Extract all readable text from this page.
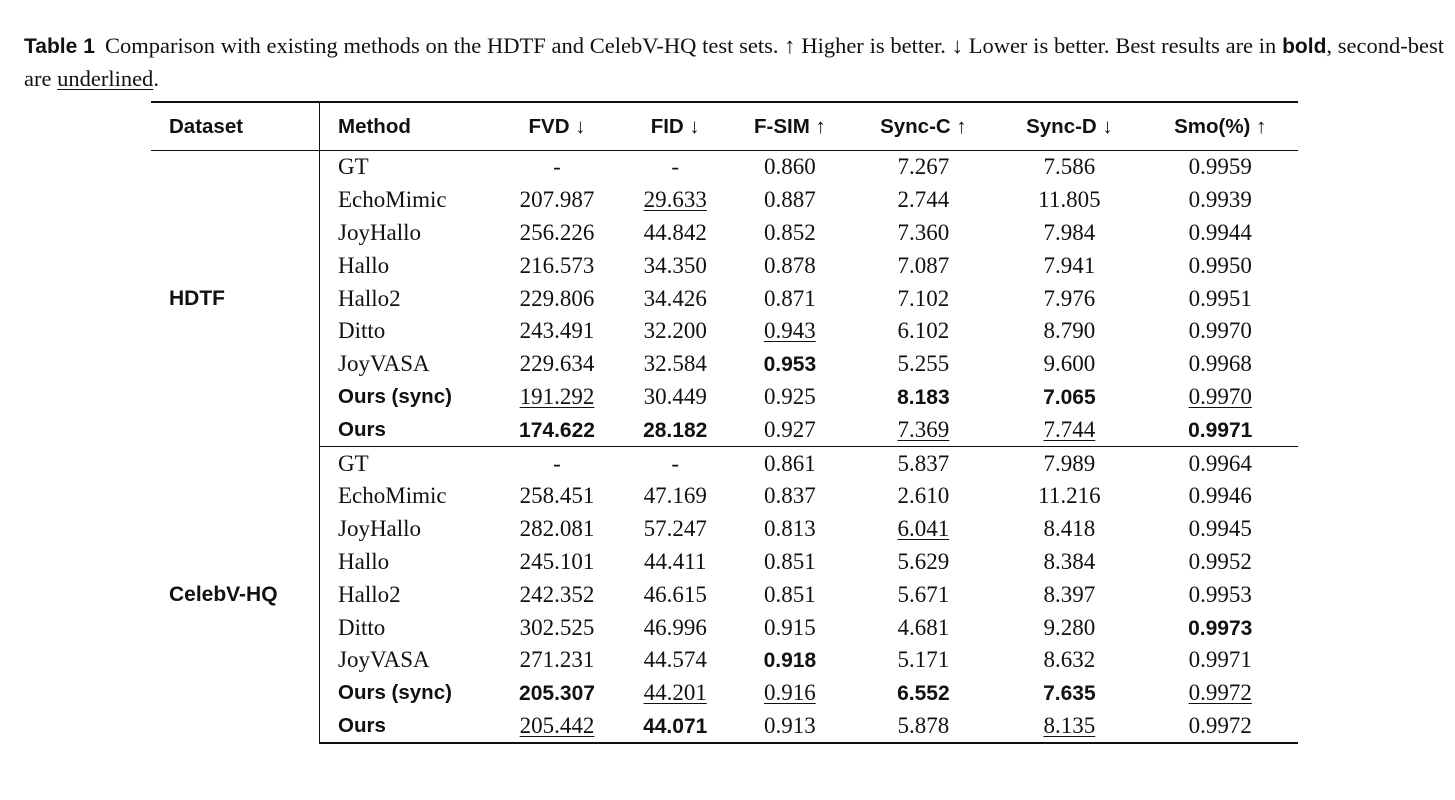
Table 1 Comparison with existing methods on the HDTF and CelebV-HQ test sets. ↑ Higher is better. ↓ Lower is better. Best results are in bold, second-best are underlined.
Dataset	Method	FVD ↓	FID ↓	F-SIM ↑	Sync-C ↑	Sync-D ↓	Smo(%) ↑
HDTF	GT	-	-	0.860	7.267	7.586	0.9959
	EchoMimic	207.987	29.633	0.887	2.744	11.805	0.9939
	JoyHallo	256.226	44.842	0.852	7.360	7.984	0.9944
	Hallo	216.573	34.350	0.878	7.087	7.941	0.9950
	Hallo2	229.806	34.426	0.871	7.102	7.976	0.9951
	Ditto	243.491	32.200	0.943	6.102	8.790	0.9970
	JoyVASA	229.634	32.584	0.953	5.255	9.600	0.9968
	Ours (sync)	191.292	30.449	0.925	8.183	7.065	0.9970
	Ours	174.622	28.182	0.927	7.369	7.744	0.9971
CelebV-HQ	GT	-	-	0.861	5.837	7.989	0.9964
	EchoMimic	258.451	47.169	0.837	2.610	11.216	0.9946
	JoyHallo	282.081	57.247	0.813	6.041	8.418	0.9945
	Hallo	245.101	44.411	0.851	5.629	8.384	0.9952
	Hallo2	242.352	46.615	0.851	5.671	8.397	0.9953
	Ditto	302.525	46.996	0.915	4.681	9.280	0.9973
	JoyVASA	271.231	44.574	0.918	5.171	8.632	0.9971
	Ours (sync)	205.307	44.201	0.916	6.552	7.635	0.9972
	Ours	205.442	44.071	0.913	5.878	8.135	0.9972
